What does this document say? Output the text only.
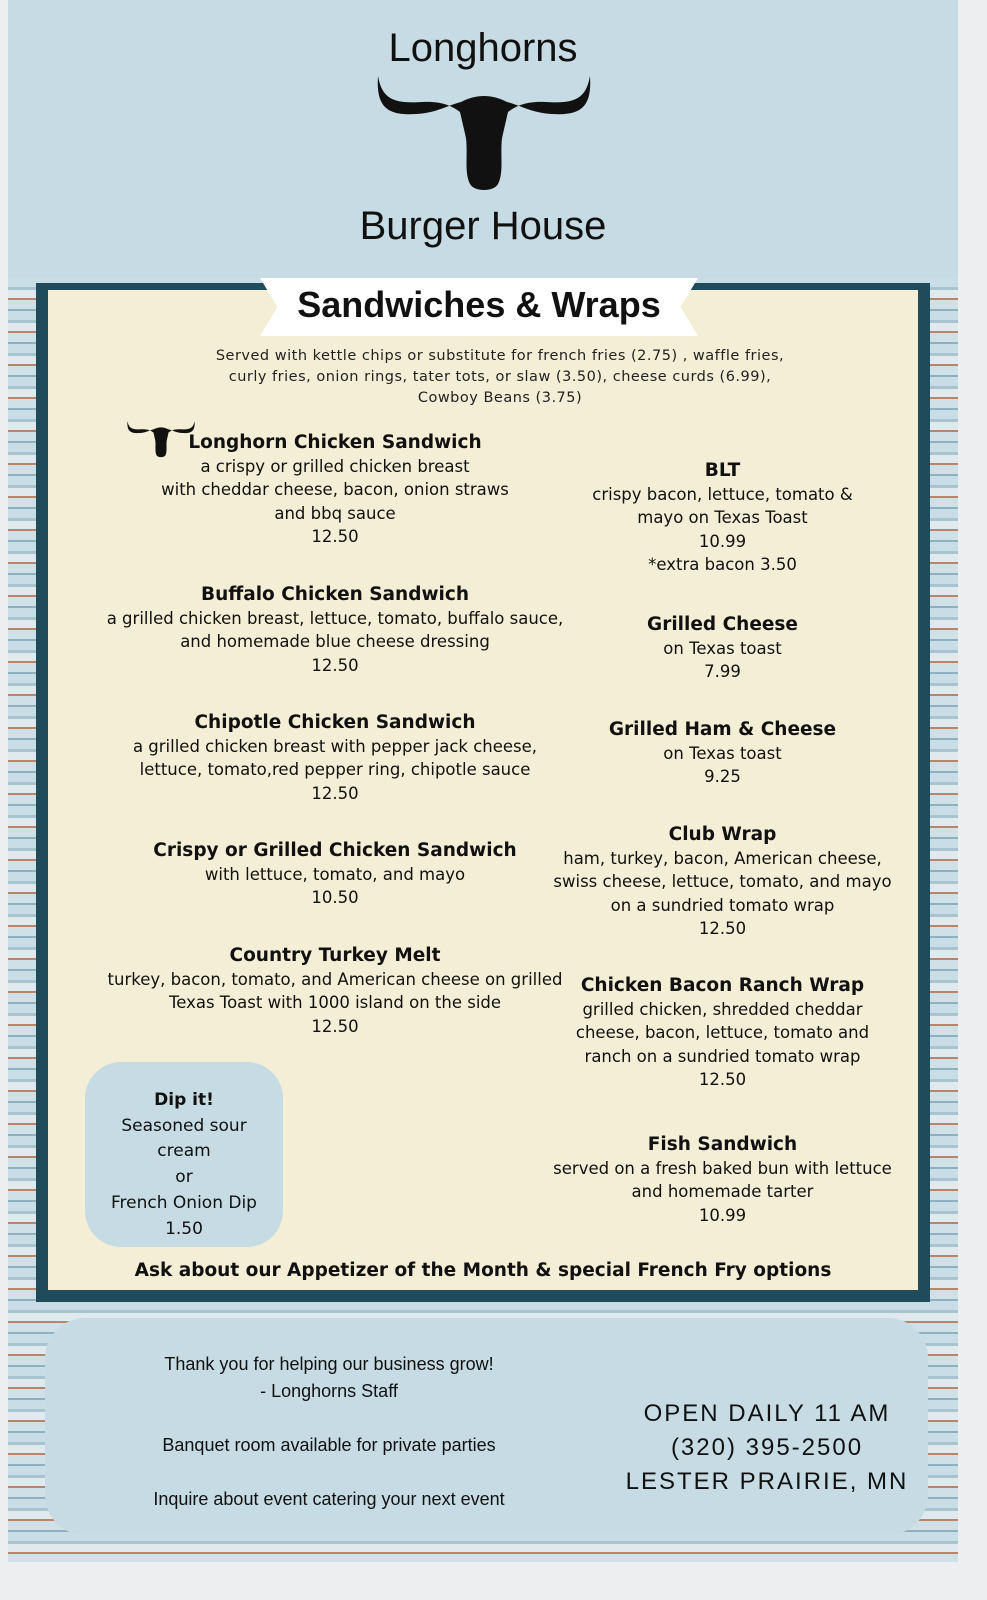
Longhorns
Burger House
Sandwiches & Wraps
Served with kettle chips or substitute for french fries (2.75) , waffle fries, curly fries, onion rings, tater tots, or slaw (3.50), cheese curds (6.99), Cowboy Beans (3.75)
Longhorn Chicken Sandwich
a crispy or grilled chicken breast
with cheddar cheese, bacon, onion straws
and bbq sauce
12.50
Buffalo Chicken Sandwich
a grilled chicken breast, lettuce, tomato, buffalo sauce,
and homemade blue cheese dressing
12.50
Chipotle Chicken Sandwich
a grilled chicken breast with pepper jack cheese,
lettuce, tomato,red pepper ring, chipotle sauce
12.50
Crispy or Grilled Chicken Sandwich
with lettuce, tomato, and mayo
10.50
Country Turkey Melt
turkey, bacon, tomato, and American cheese on grilled
Texas Toast with 1000 island on the side
12.50
BLT
crispy bacon, lettuce, tomato &
mayo on Texas Toast
10.99
*extra bacon 3.50
Grilled Cheese
on Texas toast
7.99
Grilled Ham & Cheese
on Texas toast
9.25
Club Wrap
ham, turkey, bacon, American cheese,
swiss cheese, lettuce, tomato, and mayo
on a sundried tomato wrap
12.50
Chicken Bacon Ranch Wrap
grilled chicken, shredded cheddar
cheese, bacon, lettuce, tomato and
ranch on a sundried tomato wrap
12.50
Fish Sandwich
served on a fresh baked bun with lettuce
and homemade tarter
10.99
Dip it!
Seasoned sour
cream
or
French Onion Dip
1.50
Ask about our Appetizer of the Month & special French Fry options
Thank you for helping our business grow!
- Longhorns Staff
Banquet room available for private parties
Inquire about event catering your next event
OPEN DAILY 11 AM
(320) 395-2500
LESTER PRAIRIE, MN
